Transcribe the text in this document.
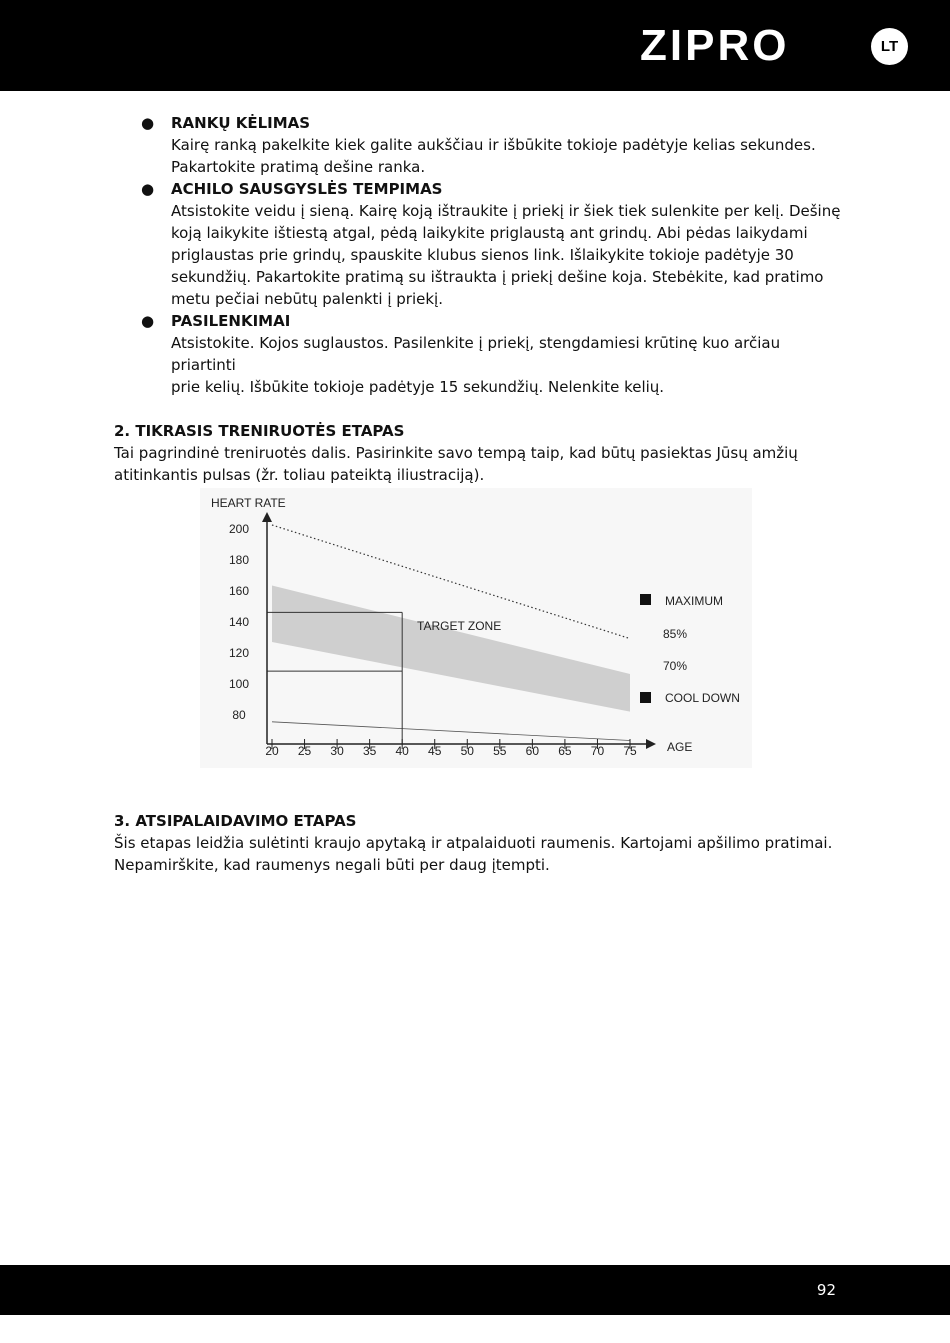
ZIPRO	LT
● RANKŲ KĖLIMAS
Kairę ranką pakelkite kiek galite aukščiau ir išbūkite tokioje padėtyje kelias sekundes.
Pakartokite pratimą dešine ranka.
● ACHILO SAUSGYSLĖS TEMPIMAS
Atsistokite veidu į sieną. Kairę koją ištraukite į priekį ir šiek tiek sulenkite per kelį. Dešinę
koją laikykite ištiestą atgal, pėdą laikykite priglaustą ant grindų. Abi pėdas laikydami
priglaustas prie grindų, spauskite klubus sienos link. Išlaikykite tokioje padėtyje 30
sekundžių. Pakartokite pratimą su ištraukta į priekį dešine koja. Stebėkite, kad pratimo
metu pečiai nebūtų palenkti į priekį.
● PASILENKIMAI
Atsistokite. Kojos suglaustos. Pasilenkite į priekį, stengdamiesi krūtinę kuo arčiau priartinti
prie kelių. Išbūkite tokioje padėtyje 15 sekundžių. Nelenkite kelių.
2. TIKRASIS TRENIRUOTĖS ETAPAS
Tai pagrindinė treniruotės dalis. Pasirinkite savo tempą taip, kad būtų pasiektas Jūsų amžių
atitinkantis pulsas (žr. toliau pateiktą iliustraciją).
200
180
160
140
120
100
80
HEART RATE
20 25 30 35 40 45 50 55 60 65 70 75	AGE
TARGET ZONE
MAXIMUM
85%
70%
COOL DOWN
3. ATSIPALAIDAVIMO ETAPAS
Šis etapas leidžia sulėtinti kraujo apytaką ir atpalaiduoti raumenis. Kartojami apšilimo pratimai.
Nepamirškite, kad raumenys negali būti per daug įtempti.
92
